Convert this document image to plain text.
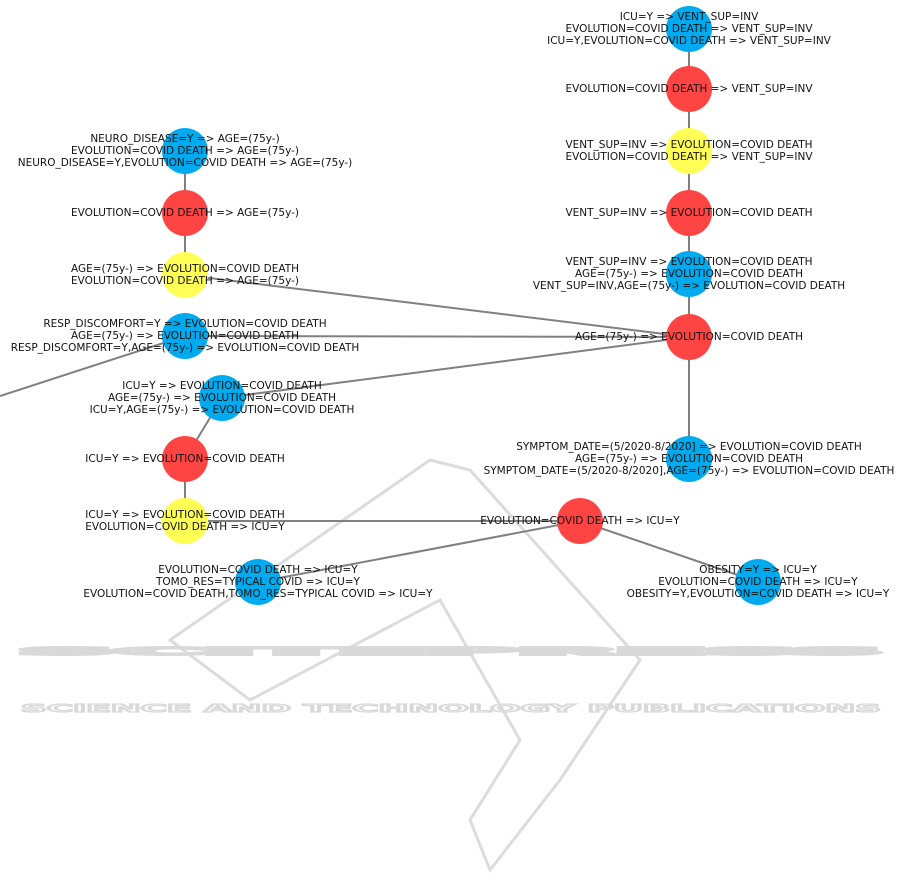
SCITEPRESS
SCIENCE AND TECHNOLOGY PUBLICATIONS
ICU=Y => VENT_SUP=INV
EVOLUTION=COVID DEATH => VENT_SUP=INV
ICU=Y,EVOLUTION=COVID DEATH => VENT_SUP=INV
EVOLUTION=COVID DEATH => VENT_SUP=INV
VENT_SUP=INV => EVOLUTION=COVID DEATH
EVOLUTION=COVID DEATH => VENT_SUP=INV
VENT_SUP=INV => EVOLUTION=COVID DEATH
VENT_SUP=INV => EVOLUTION=COVID DEATH
AGE=(75y-) => EVOLUTION=COVID DEATH
VENT_SUP=INV,AGE=(75y-) => EVOLUTION=COVID DEATH
AGE=(75y-) => EVOLUTION=COVID DEATH
SYMPTOM_DATE=(5/2020-8/2020] => EVOLUTION=COVID DEATH
AGE=(75y-) => EVOLUTION=COVID DEATH
SYMPTOM_DATE=(5/2020-8/2020],AGE=(75y-) => EVOLUTION=COVID DEATH
EVOLUTION=COVID DEATH => ICU=Y
OBESITY=Y => ICU=Y
EVOLUTION=COVID DEATH => ICU=Y
OBESITY=Y,EVOLUTION=COVID DEATH => ICU=Y
EVOLUTION=COVID DEATH => ICU=Y
TOMO_RES=TYPICAL COVID => ICU=Y
EVOLUTION=COVID DEATH,TOMO_RES=TYPICAL COVID => ICU=Y
ICU=Y => EVOLUTION=COVID DEATH
EVOLUTION=COVID DEATH => ICU=Y
ICU=Y => EVOLUTION=COVID DEATH
ICU=Y => EVOLUTION=COVID DEATH
AGE=(75y-) => EVOLUTION=COVID DEATH
ICU=Y,AGE=(75y-) => EVOLUTION=COVID DEATH
RESP_DISCOMFORT=Y => EVOLUTION=COVID DEATH
AGE=(75y-) => EVOLUTION=COVID DEATH
RESP_DISCOMFORT=Y,AGE=(75y-) => EVOLUTION=COVID DEATH
AGE=(75y-) => EVOLUTION=COVID DEATH
EVOLUTION=COVID DEATH => AGE=(75y-)
EVOLUTION=COVID DEATH => AGE=(75y-)
NEURO_DISEASE=Y => AGE=(75y-)
EVOLUTION=COVID DEATH => AGE=(75y-)
NEURO_DISEASE=Y,EVOLUTION=COVID DEATH => AGE=(75y-)
